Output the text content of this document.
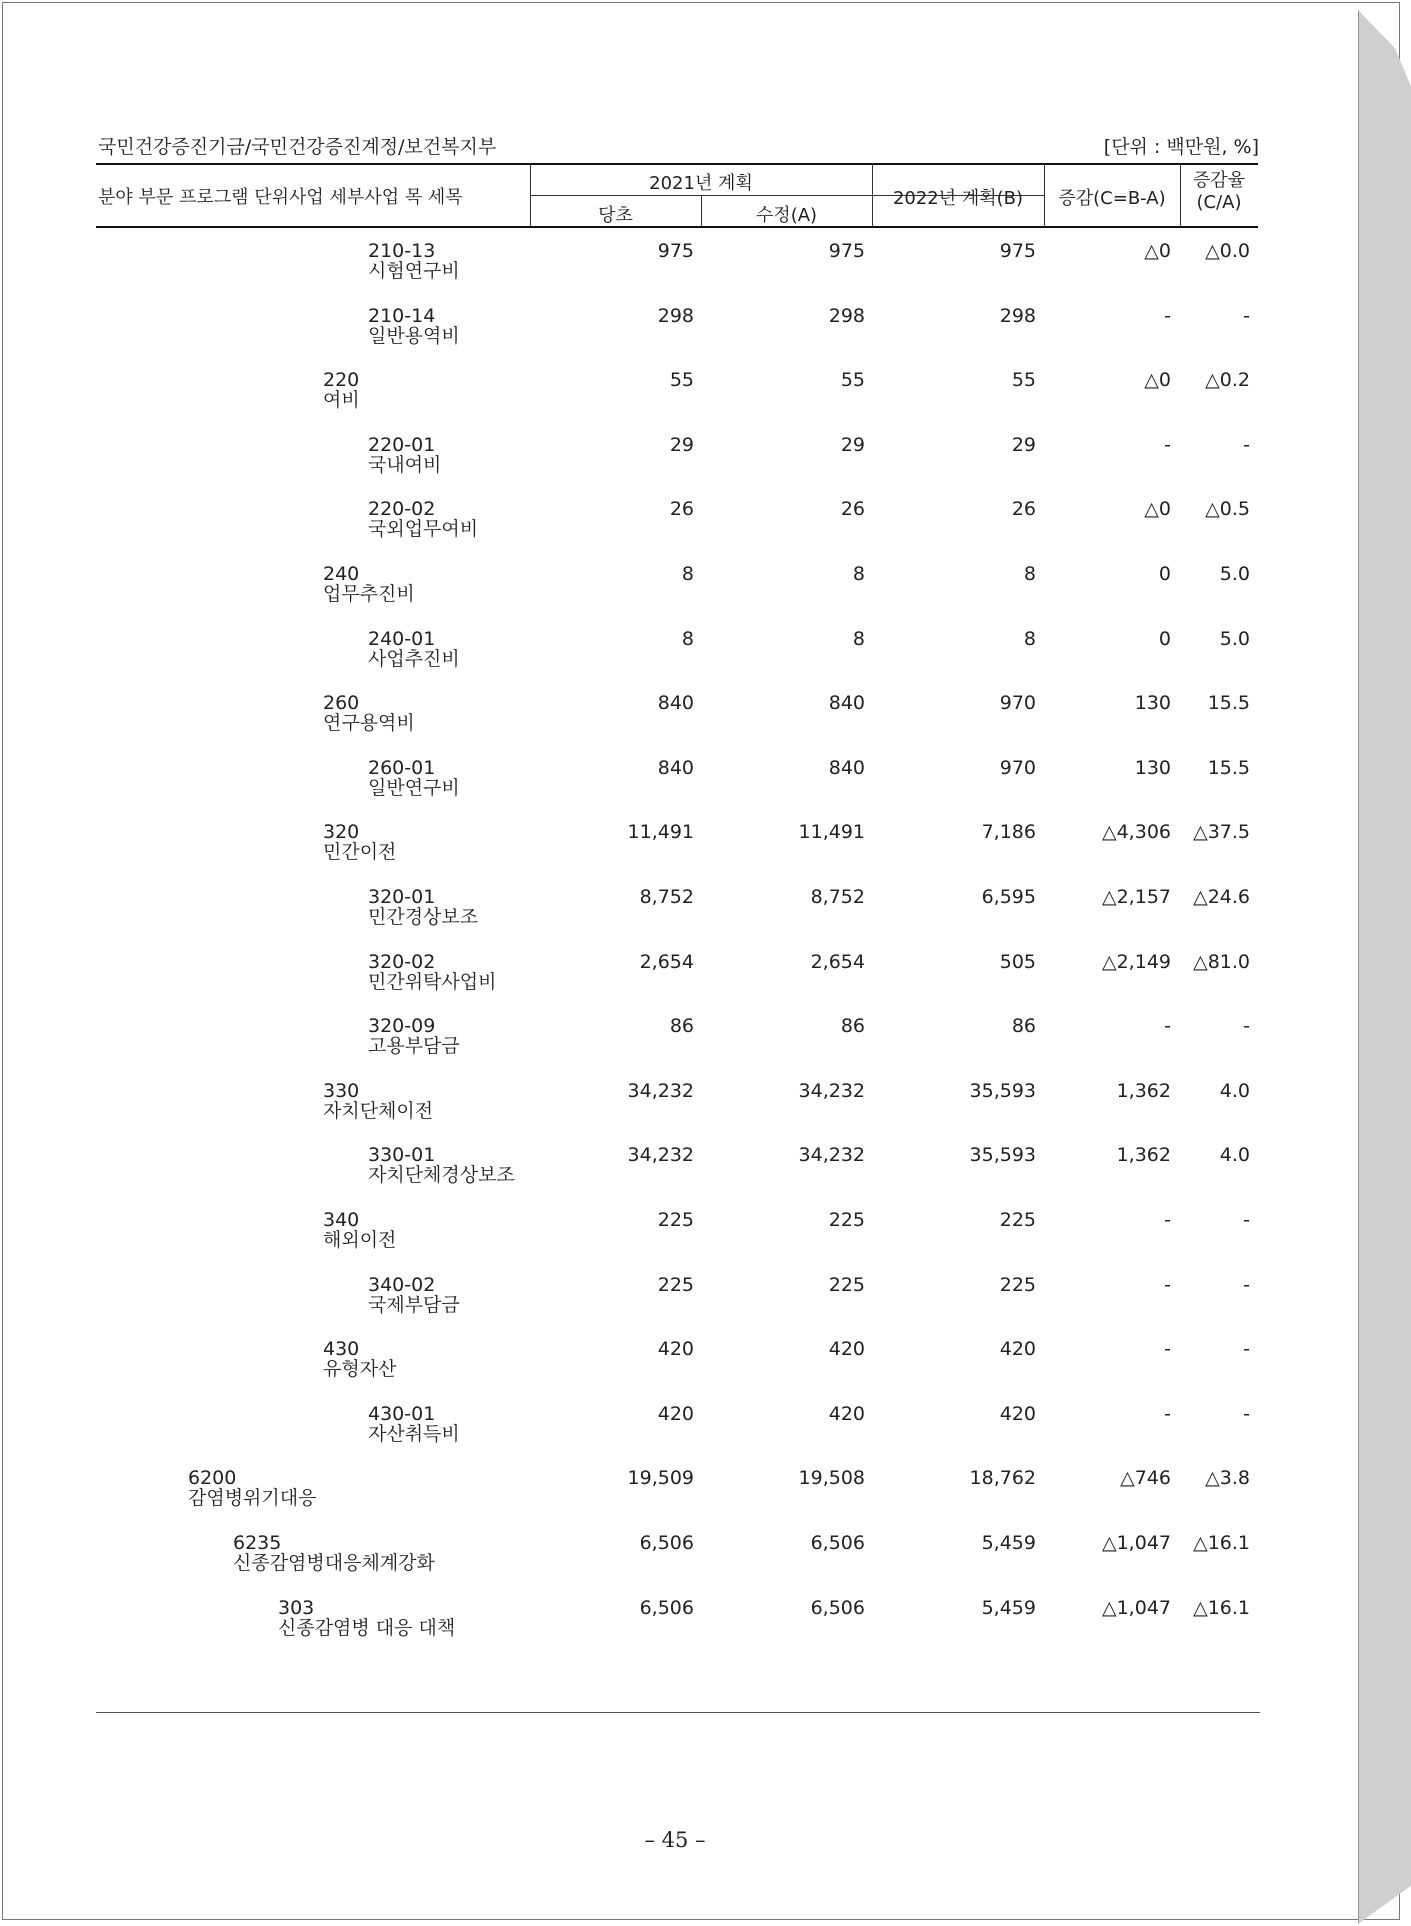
국민건강증진기금/국민건강증진계정/보건복지부	[단위 : 백만원, %]
분야 부문 프로그램 단위사업 세부사업 목 세목
2021년 계획
당초	수정(A)
2022년 계획(B)	증감(C=B-A)
증감율
(C/A)
210-13
시험연구비
975	975	975	△0 △0.0
210-14
일반용역비
298	298	298	-	-
220
여비
55	55	55	△0 △0.2
220-01
국내여비
29	29	29	-	-
220-02
국외업무여비
26	26	26	△0 △0.5
240
업무추진비
8	8	8	0	5.0
240-01
사업추진비
8	8	8	0	5.0
260
연구용역비
840	840	970	130 15.5
260-01
일반연구비
840	840	970	130 15.5
320
민간이전
11,491	11,491	7,186	△4,306 △37.5
320-01
민간경상보조
8,752	8,752	6,595	△2,157 △24.6
320-02
민간위탁사업비
2,654	2,654	505	△2,149 △81.0
320-09
고용부담금
86	86	86	-	-
330
자치단체이전
34,232	34,232	35,593	1,362	4.0
330-01
자치단체경상보조
34,232	34,232	35,593	1,362	4.0
340
해외이전
225	225	225	-	-
340-02
국제부담금
225	225	225	-	-
430
유형자산
420	420	420	-	-
430-01
자산취득비
420	420	420	-	-
6200
감염병위기대응
19,509	19,508	18,762	△746 △3.8
6235
신종감염병대응체계강화
6,506	6,506	5,459	△1,047 △16.1
303
신종감염병 대응 대책
6,506	6,506	5,459	△1,047 △16.1
– 45 –
